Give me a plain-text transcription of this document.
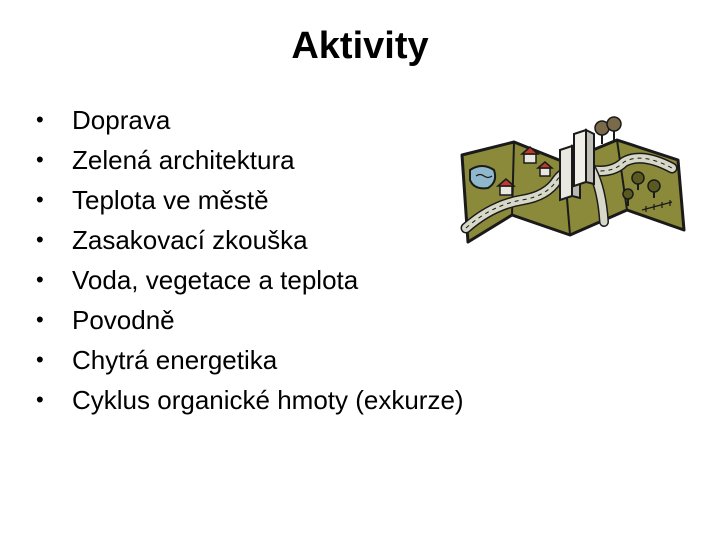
Aktivity
•	Doprava
•	Zelená architektura
•	Teplota ve městě
•	Zasakovací zkouška
•	Voda, vegetace a teplota
•	Povodně
•	Chytrá energetika
•	Cyklus organické hmoty (exkurze)
